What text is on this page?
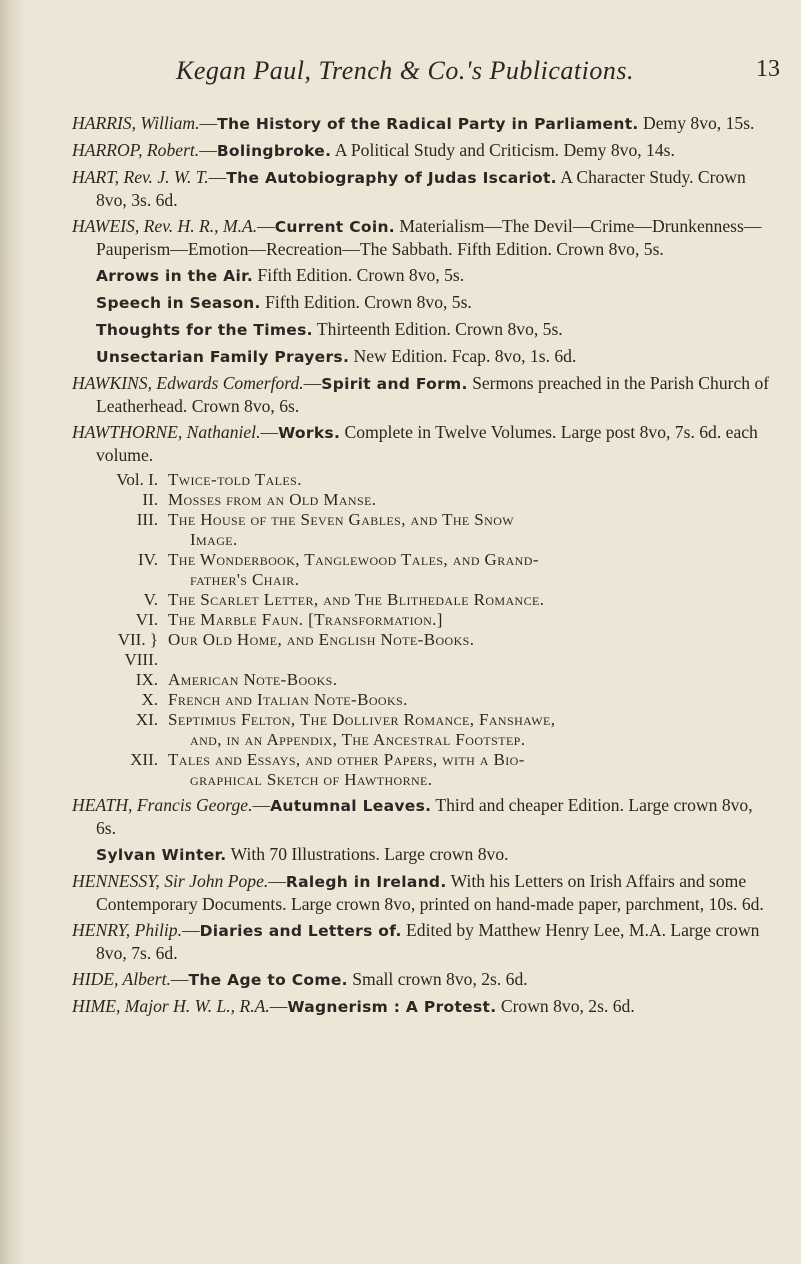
Kegan Paul, Trench & Co.'s Publications.	13

HARRIS, William.—The History of the Radical Party in Parliament. Demy 8vo, 15s.

HARROP, Robert.—Bolingbroke. A Political Study and Criticism. Demy 8vo, 14s.

HART, Rev. J. W. T.—The Autobiography of Judas Iscariot. A Character Study. Crown 8vo, 3s. 6d.

HAWEIS, Rev. H. R., M.A.—Current Coin. Materialism—The Devil—Crime—Drunkenness—Pauperism—Emotion—Recreation—The Sabbath. Fifth Edition. Crown 8vo, 5s.

Arrows in the Air. Fifth Edition. Crown 8vo, 5s.

Speech in Season. Fifth Edition. Crown 8vo, 5s.

Thoughts for the Times. Thirteenth Edition. Crown 8vo, 5s.

Unsectarian Family Prayers. New Edition. Fcap. 8vo, 1s. 6d.

HAWKINS, Edwards Comerford.—Spirit and Form. Sermons preached in the Parish Church of Leatherhead. Crown 8vo, 6s.

HAWTHORNE, Nathaniel.—Works. Complete in Twelve Volumes. Large post 8vo, 7s. 6d. each volume.

Vol. I. Twice-told Tales.
II. Mosses from an Old Manse.
III. The House of the Seven Gables, and The Snow
Image.
IV. The Wonderbook, Tanglewood Tales, and Grand-
father's Chair.
V. The Scarlet Letter, and The Blithedale Romance.
VI. The Marble Faun. [Transformation.]
VII. } Our Old Home, and English Note-Books.
VIII.
IX. American Note-Books.
X. French and Italian Note-Books.
XI. Septimius Felton, The Dolliver Romance, Fanshawe,
and, in an Appendix, The Ancestral Footstep.
XII. Tales and Essays, and other Papers, with a Bio-
graphical Sketch of Hawthorne.

HEATH, Francis George.—Autumnal Leaves. Third and cheaper Edition. Large crown 8vo, 6s.

Sylvan Winter. With 70 Illustrations. Large crown 8vo.

HENNESSY, Sir John Pope.—Ralegh in Ireland. With his Letters on Irish Affairs and some Contemporary Documents. Large crown 8vo, printed on hand-made paper, parchment, 10s. 6d.

HENRY, Philip.—Diaries and Letters of. Edited by Matthew Henry Lee, M.A. Large crown 8vo, 7s. 6d.

HIDE, Albert.—The Age to Come. Small crown 8vo, 2s. 6d.

HIME, Major H. W. L., R.A.—Wagnerism : A Protest. Crown 8vo, 2s. 6d.
